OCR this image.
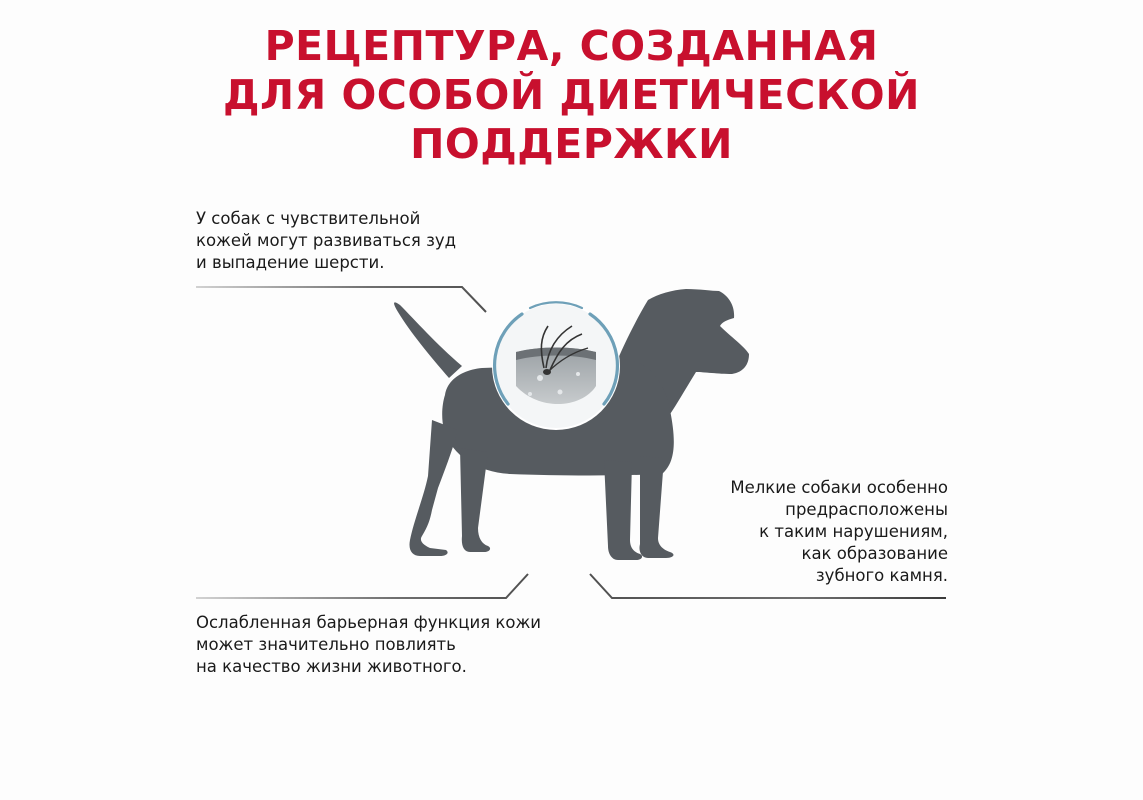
РЕЦЕПТУРА, СОЗДАННАЯ
ДЛЯ ОСОБОЙ ДИЕТИЧЕСКОЙ
ПОДДЕРЖКИ

У собак с чувствительной
кожей могут развиваться зуд
и выпадение шерсти.

Ослабленная барьерная функция кожи
может значительно повлиять
на качество жизни животного.

Мелкие собаки особенно
предрасположены
к таким нарушениям,
как образование
зубного камня.
